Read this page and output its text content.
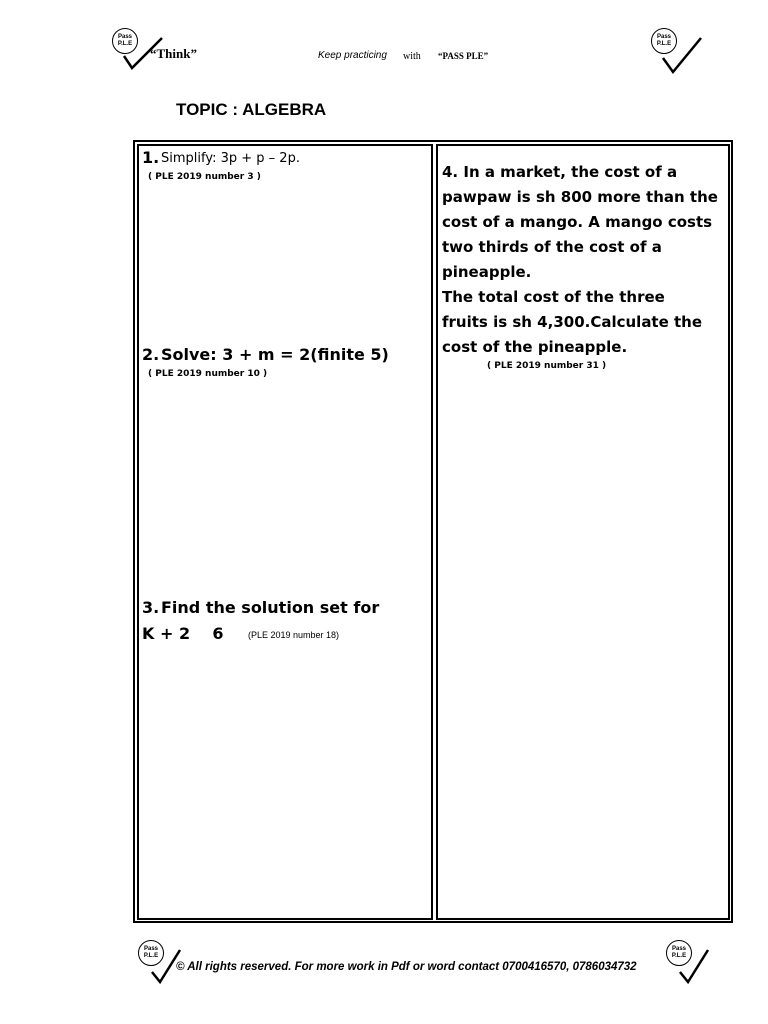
Pass
P.L.E
“Think”	Keep practicing with “PASS PLE”
Pass
P.L.E
TOPIC : ALGEBRA
1. Simplify: 3p + p – 2p.
( PLE 2019 number 3 )
2. Solve: 3 + m = 2(finite 5)
( PLE 2019 number 10 )
3. Find the solution set for
K + 2    6	(PLE 2019 number 18)
4. In a market, the cost of a
pawpaw is sh 800 more than the
cost of a mango. A mango costs
two thirds of the cost of a
pineapple.
The total cost of the three
fruits is sh 4,300.Calculate the
cost of the pineapple.
( PLE 2019 number 31 )
Pass
P.L.E
© All rights reserved. For more work in Pdf or word contact 0700416570, 0786034732
Pass
P.L.E
